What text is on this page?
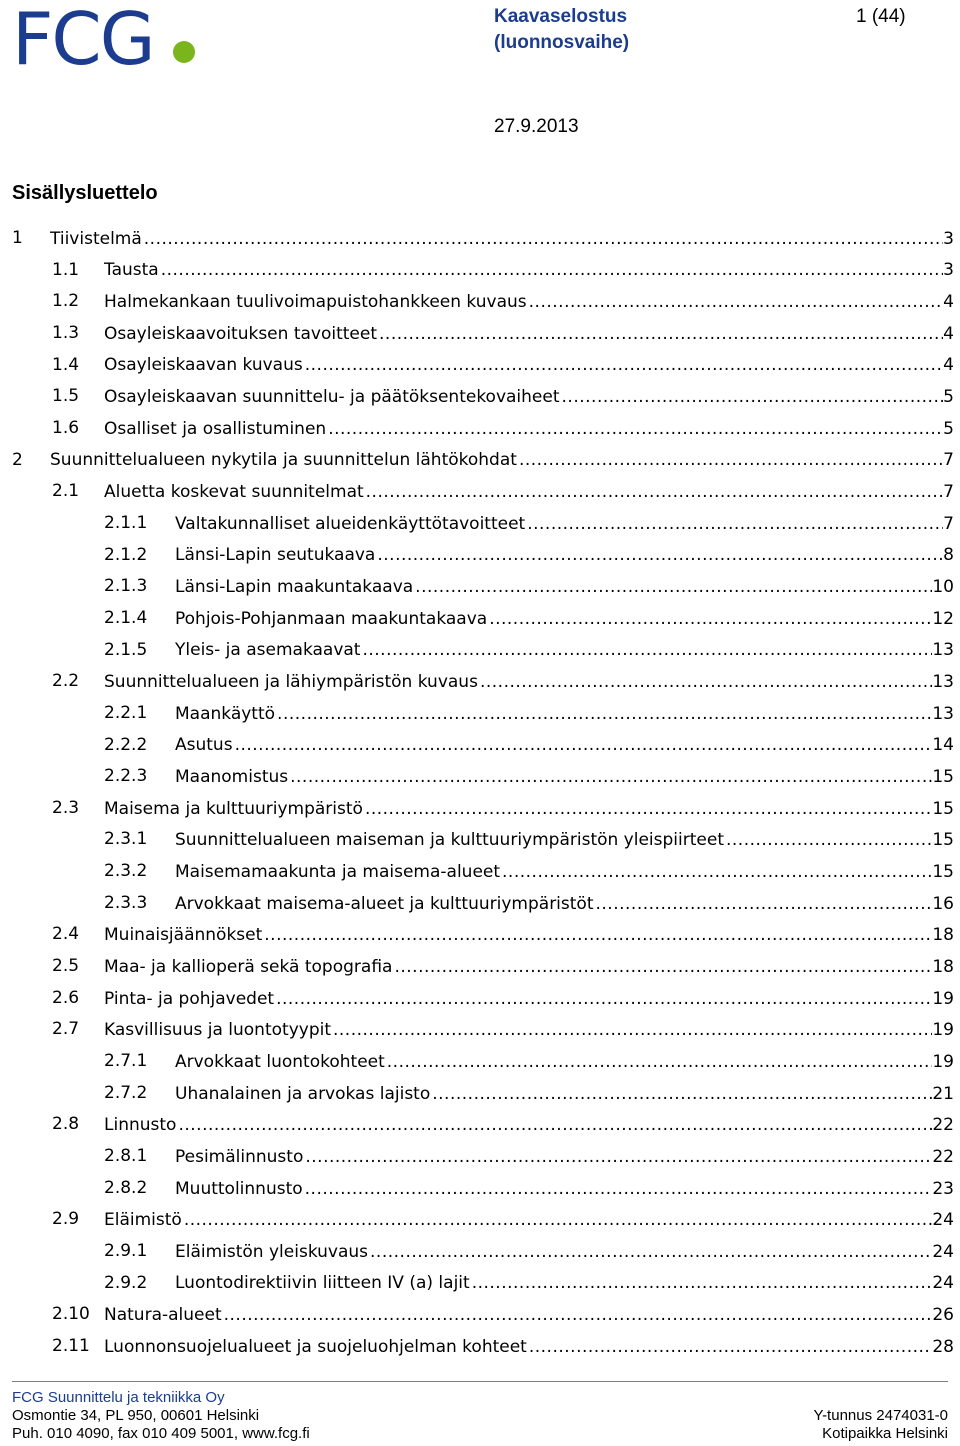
FCG	Kaavaselostus
(luonnosvaihe)
1 (44)
27.9.2013
Sisällysluettelo
1 Tiivistelmä .....	3
1.1 Tausta .....	3
1.2 Halmekankaan tuulivoimapuistohankkeen kuvaus .....	4
1.3 Osayleiskaavoituksen tavoitteet .....	4
1.4 Osayleiskaavan kuvaus .....	4
1.5 Osayleiskaavan suunnittelu- ja päätöksentekovaiheet .....	5
1.6 Osalliset ja osallistuminen .....	5
2 Suunnittelualueen nykytila ja suunnittelun lähtökohdat .....	7
2.1 Aluetta koskevat suunnitelmat .....	7
2.1.1 Valtakunnalliset alueidenkäyttötavoitteet .....	7
2.1.2 Länsi-Lapin seutukaava .....	8
2.1.3 Länsi-Lapin maakuntakaava .....	10
2.1.4 Pohjois-Pohjanmaan maakuntakaava .....	12
2.1.5 Yleis- ja asemakaavat .....	13
2.2 Suunnittelualueen ja lähiympäristön kuvaus .....	13
2.2.1 Maankäyttö .....	13
2.2.2 Asutus .....	14
2.2.3 Maanomistus .....	15
2.3 Maisema ja kulttuuriympäristö .....	15
2.3.1 Suunnittelualueen maiseman ja kulttuuriympäristön yleispiirteet .....	15
2.3.2 Maisemamaakunta ja maisema-alueet .....	15
2.3.3 Arvokkaat maisema-alueet ja kulttuuriympäristöt .....	16
2.4 Muinaisjäännökset .....	18
2.5 Maa- ja kallioperä sekä topografia .....	18
2.6 Pinta- ja pohjavedet .....	19
2.7 Kasvillisuus ja luontotyypit .....	19
2.7.1 Arvokkaat luontokohteet .....	19
2.7.2 Uhanalainen ja arvokas lajisto .....	21
2.8 Linnusto .....	22
2.8.1 Pesimälinnusto .....	22
2.8.2 Muuttolinnusto .....	23
2.9 Eläimistö .....	24
2.9.1 Eläimistön yleiskuvaus .....	24
2.9.2 Luontodirektiivin liitteen IV (a) lajit .....	24
2.10 Natura-alueet .....	26
2.11 Luonnonsuojelualueet ja suojeluohjelman kohteet .....	28
FCG Suunnittelu ja tekniikka Oy
Osmontie 34, PL 950, 00601 Helsinki
Puh. 010 4090, fax 010 409 5001, www.fcg.fi
Y-tunnus 2474031-0
Kotipaikka Helsinki
